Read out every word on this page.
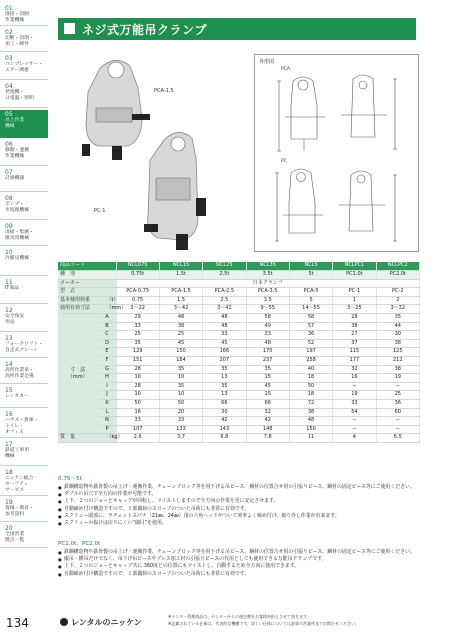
01
溶接・切断
作業機械
02
切断・切削・
加工・締付
03
コンプレッサー・
エアー関連
04
発電機・
分電盤・照明
05
吊上作業
機械
06
移動・運搬
作業機械
07
計測機器
08
ポンプ・
水処理機械
09
清掃・集塵・
換気用機械
10
冷暖房機械
11
IT商品
12
安全保安
用品
13
フォークリフト・
自走式クレーン
14
高所作業車・
高所作業足場
15
レンタカー
16
ハウス・倉庫・
トイレ・
オフィス
17
鉄道工事用
機械
18
ニッケン総合
セーフティ
サービス
19
資格・教育・
参考資料
20
全国営業
拠点一覧
ネジ式万能吊クランプ
PCA-1.5
PC-1
外形図
PCA
PC
商品コード			NCL075	NCL15	NCL25	NCL35	NCL5	NCLPC1	NCLPC2
種　別			0.75t	1.5t	2.5t	3.5t	5t	PC1.0t	PC2.0t
メーカー			日本クランプ						
型　式			PCA-0.75	PCA-1.5	PCA-2.5	PCA-3.5	PCA-5	PC-1	PC-2
基本使用荷重		（t）	0.75	1.5	2.5	3.5	5	1	2
使用有効寸法		（mm）	3〜22	3〜42	3〜42	9〜55	14〜55	3〜25	3〜32

寸　法
（mm）	A		29	48	48	58	58	28	35
	B		33	38	48	49	57	38	44
	C		25	25	33	33	36	27	30
	D		35	45	45	48	52	37	38
	E		129	150	166	170	197	115	125
	F		151	184	207	237	258	177	212
	G		28	35	35	35	40	32	38
	H		10	10	13	15	18	16	19
	I		28	35	35	45	50	−	−
	J		10	10	13	15	18	19	25
	K		50	50	66	66	72	33	36
	L		16	20	30	32	38	54	60
	N		33	33	42	42	48	−	−
	P		107	133	143	148	150	−	−
質　量		（kg）	2.6	3.7	6.8	7.8	11	4	6.5
0.75〜5t
● 鉄鋼構造物や鉄骨製の吊上げ・運搬作業、チェーンブロック等を用下げる吊ピース、鋼材の位置合せ用の引張りピース、鋼材の固定ピース等にご使用ください。
● ダブルの吊穴で全方向の作業が可能です。
● 上下、２つのジョーとキャップが回転し、ツイストしますので全方向の作業を更に安定させます。
● 自動締め付け構造ですので、１部偶荷のスロープのついた吊荷にも非常に有効です。
● スクリュー頭部に、ラチェットスパナ（21㎜、24㎜）用の六角ヘッドがついて効率よく締め付け、取り外し作業が出来ます。
● スクリューの抜けは戻りにくい“細目”を使用。
PC1.0t、PC2.0t
● 鉄鋼構造物や鉄骨製の吊上げ・運搬作業、チェーンブロック等を用下げる吊ピース、鋼材の位置合せ用の引張りピース、鋼材の固定ピース等にご使用ください。
● 縦吊・横吊だけでなく、吊下げ吊ピースやプレス加工材の引張りピースの代用としても使用できる万能吊クランプです。
● 上下、２つのジョーとキャップ共に 360度どの位置にもツイストし、自動するため全方向に使用できます。
● 自動締め付け構造ですので、１部偶荷のスロープのついた吊荷にも非常に有効です。
134	レンタルのニッケン
※センター管理商品は、センターからの運送費をお客様負担とさせて頂きます。
※記載されている仕様は、代表的な機種です。詳しい仕様については最寄の営業所までお問合せください。
